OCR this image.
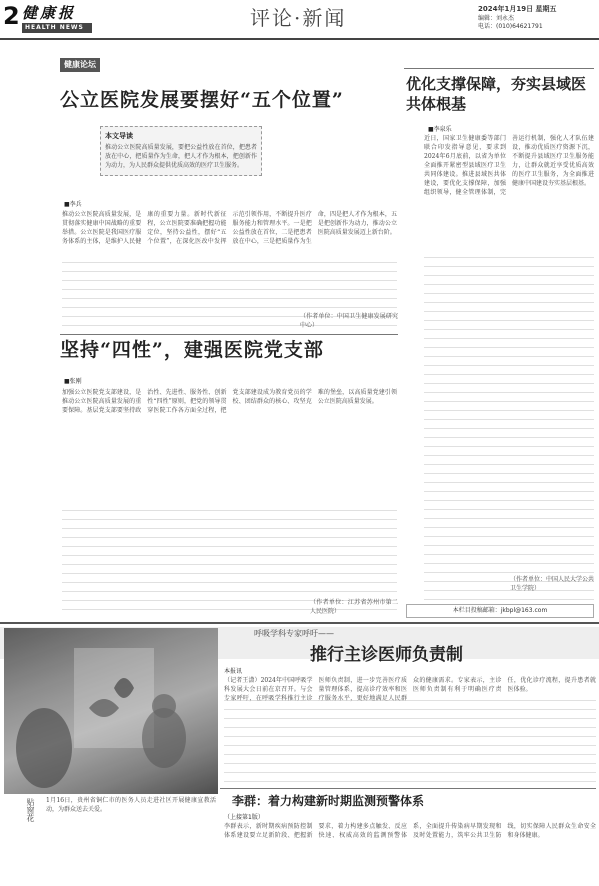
2 健康报
HEALTH NEWS	评论·新闻	2024年1月19日 星期五
编辑：刘永杰
电话：(010)64621791
健康论坛
公立医院发展要摆好“五个位置”
本文导读
推动公立医院高质量发展，要把公益性放在首位，把患者放在中心，把质量作为生命，把人才作为根本，把创新作为动力，为人民群众提供优质高效的医疗卫生服务。
■李兵
推动公立医院高质量发展，是贯彻落实健康中国战略的重要举措。公立医院是我国医疗服务体系的主体，是维护人民健康的重要力量。新时代新征程，公立医院要准确把握功能定位，坚持公益性，摆好“五个位置”，在深化医改中发挥示范引领作用，不断提升医疗服务能力和管理水平。一是把公益性放在首位，二是把患者放在中心，三是把质量作为生命，四是把人才作为根本，五是把创新作为动力，推动公立医院高质量发展迈上新台阶。
（作者单位：中国卫生健康发展研究中心）
优化支撑保障，夯实县域医共体根基
■李泉乐
近日，国家卫生健康委等部门联合印发指导意见，要求到2024年6月底前，以省为单位全面推开紧密型县域医疗卫生共同体建设。推进县域医共体建设，要优化支撑保障，加强组织领导，健全管理体制，完善运行机制，强化人才队伍建设，推动优质医疗资源下沉，不断提升县域医疗卫生服务能力，让群众就近享受优质高效的医疗卫生服务，为全面推进健康中国建设夯实基层根基。
（作者单位：中国人民大学公共卫生学院）
本栏目投稿邮箱：jkbpl@163.com
坚持“四性”，建强医院党支部
■张刚
加强公立医院党支部建设，是推动公立医院高质量发展的重要保障。基层党支部要坚持政治性、先进性、服务性、创新性“四性”原则，把党的领导贯穿医院工作各方面全过程，把党支部建设成为教育党员的学校、团结群众的核心、攻坚克难的堡垒，以高质量党建引领公立医院高质量发展。
（作者单位：江苏省苏州市第二人民医院）
呼吸学科专家呼吁——
推行主诊医师负责制
贴窗花 1月16日，贵州省铜仁市的医务人员走进社区开展健康宣教活动，为群众送去关爱。
本报讯
（记者王潇）2024年中国呼吸学科发展大会日前在京召开。与会专家呼吁，在呼吸学科推行主诊医师负责制，进一步完善医疗质量管理体系，提高诊疗效率和医疗服务水平，更好地满足人民群众的健康需求。专家表示，主诊医师负责制有利于明确医疗责任，优化诊疗流程，提升患者就医体验。
李群：着力构建新时期监测预警体系
（上接第1版）
李群表示，新时期疾病预防控制体系建设要立足新阶段、把握新要求，着力构建多点触发、反应快速、权威高效的监测预警体系，全面提升传染病早期发现和及时处置能力，筑牢公共卫生防线，切实保障人民群众生命安全和身体健康。
